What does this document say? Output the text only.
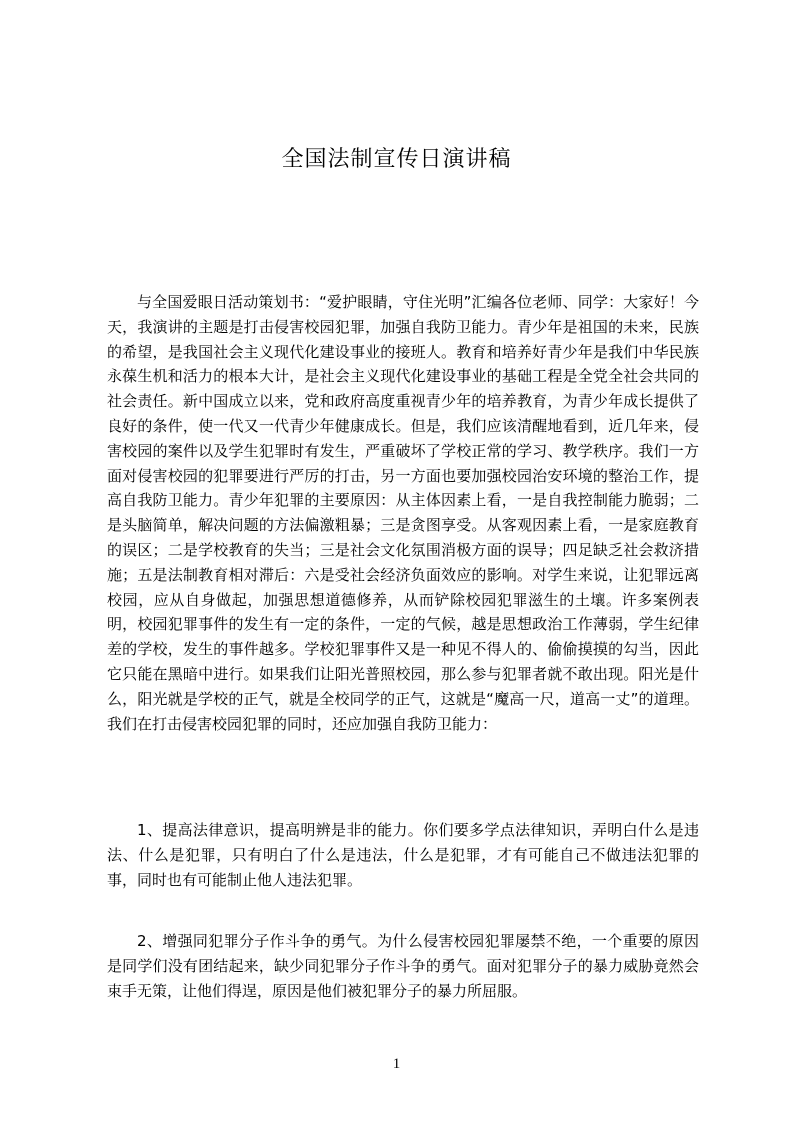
全国法制宣传日演讲稿

与全国爱眼日活动策划书：“爱护眼睛，守住光明”汇编各位老师、同学：大家好！今天，我演讲的主题是打击侵害校园犯罪，加强自我防卫能力。青少年是祖国的未来，民族的希望，是我国社会主义现代化建设事业的接班人。教育和培养好青少年是我们中华民族永葆生机和活力的根本大计，是社会主义现代化建设事业的基础工程是全党全社会共同的社会责任。新中国成立以来，党和政府高度重视青少年的培养教育，为青少年成长提供了良好的条件，使一代又一代青少年健康成长。但是，我们应该清醒地看到，近几年来，侵害校园的案件以及学生犯罪时有发生，严重破坏了学校正常的学习、教学秩序。我们一方面对侵害校园的犯罪要进行严厉的打击，另一方面也要加强校园治安环境的整治工作，提高自我防卫能力。青少年犯罪的主要原因：从主体因素上看，一是自我控制能力脆弱；二是头脑简单，解决问题的方法偏激粗暴；三是贪图享受。从客观因素上看，一是家庭教育的误区；二是学校教育的失当；三是社会文化氛围消极方面的误导；四足缺乏社会救济措施；五是法制教育相对滞后：六是受社会经济负面效应的影响。对学生来说，让犯罪远离校园，应从自身做起，加强思想道德修养，从而铲除校园犯罪滋生的土壤。许多案例表明，校园犯罪事件的发生有一定的条件，一定的气候，越是思想政治工作薄弱，学生纪律差的学校，发生的事件越多。学校犯罪事件又是一种见不得人的、偷偷摸摸的勾当，因此它只能在黑暗中进行。如果我们让阳光普照校园，那么参与犯罪者就不敢出现。阳光是什么，阳光就是学校的正气，就是全校同学的正气，这就是“魔高一尺，道高一丈”的道理。我们在打击侵害校园犯罪的同时，还应加强自我防卫能力：

1、提高法律意识，提高明辨是非的能力。你们要多学点法律知识，弄明白什么是违法、什么是犯罪，只有明白了什么是违法，什么是犯罪，才有可能自己不做违法犯罪的事，同时也有可能制止他人违法犯罪。

2、增强同犯罪分子作斗争的勇气。为什么侵害校园犯罪屡禁不绝，一个重要的原因是同学们没有团结起来，缺少同犯罪分子作斗争的勇气。面对犯罪分子的暴力威胁竟然会束手无策，让他们得逞，原因是他们被犯罪分子的暴力所屈服。

1
